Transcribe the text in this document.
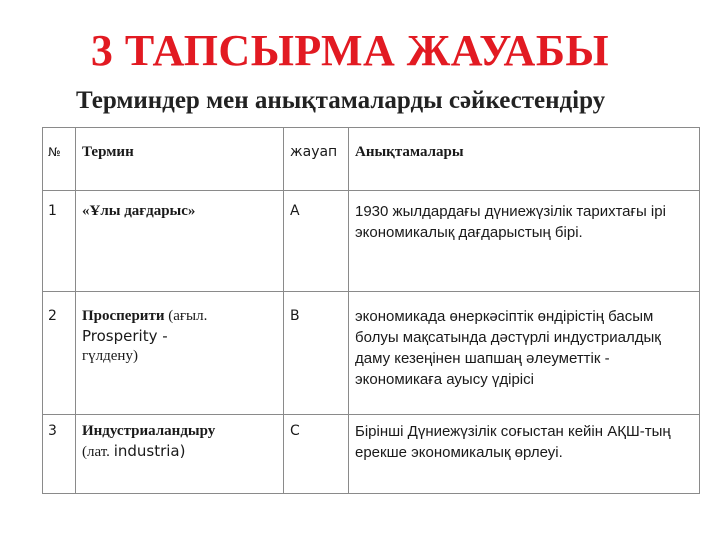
3 ТАПСЫРМА ЖАУАБЫ
Терминдер мен анықтамаларды сәйкестендіру
№	Термин	жауап	Анықтамалары

1	«Ұлы дағдарыс»	А	1930 жылдардағы дүниежүзілік тарихтағы ірі экономикалық дағдарыстың бірі.

2	Просперити (ағыл.
Prosperity -
гүлдену)	В	экономикада өнеркәсіптік өндірістің басым болуы мақсатында дәстүрлі индустриалдық даму кезеңінен шапшаң әлеуметтік - экономикаға ауысу үдірісі

3	Индустриаландыру
(лат. industria)	С	Бірінші Дүниежүзілік соғыстан кейін АҚШ-тың ерекше экономикалық өрлеуі.
